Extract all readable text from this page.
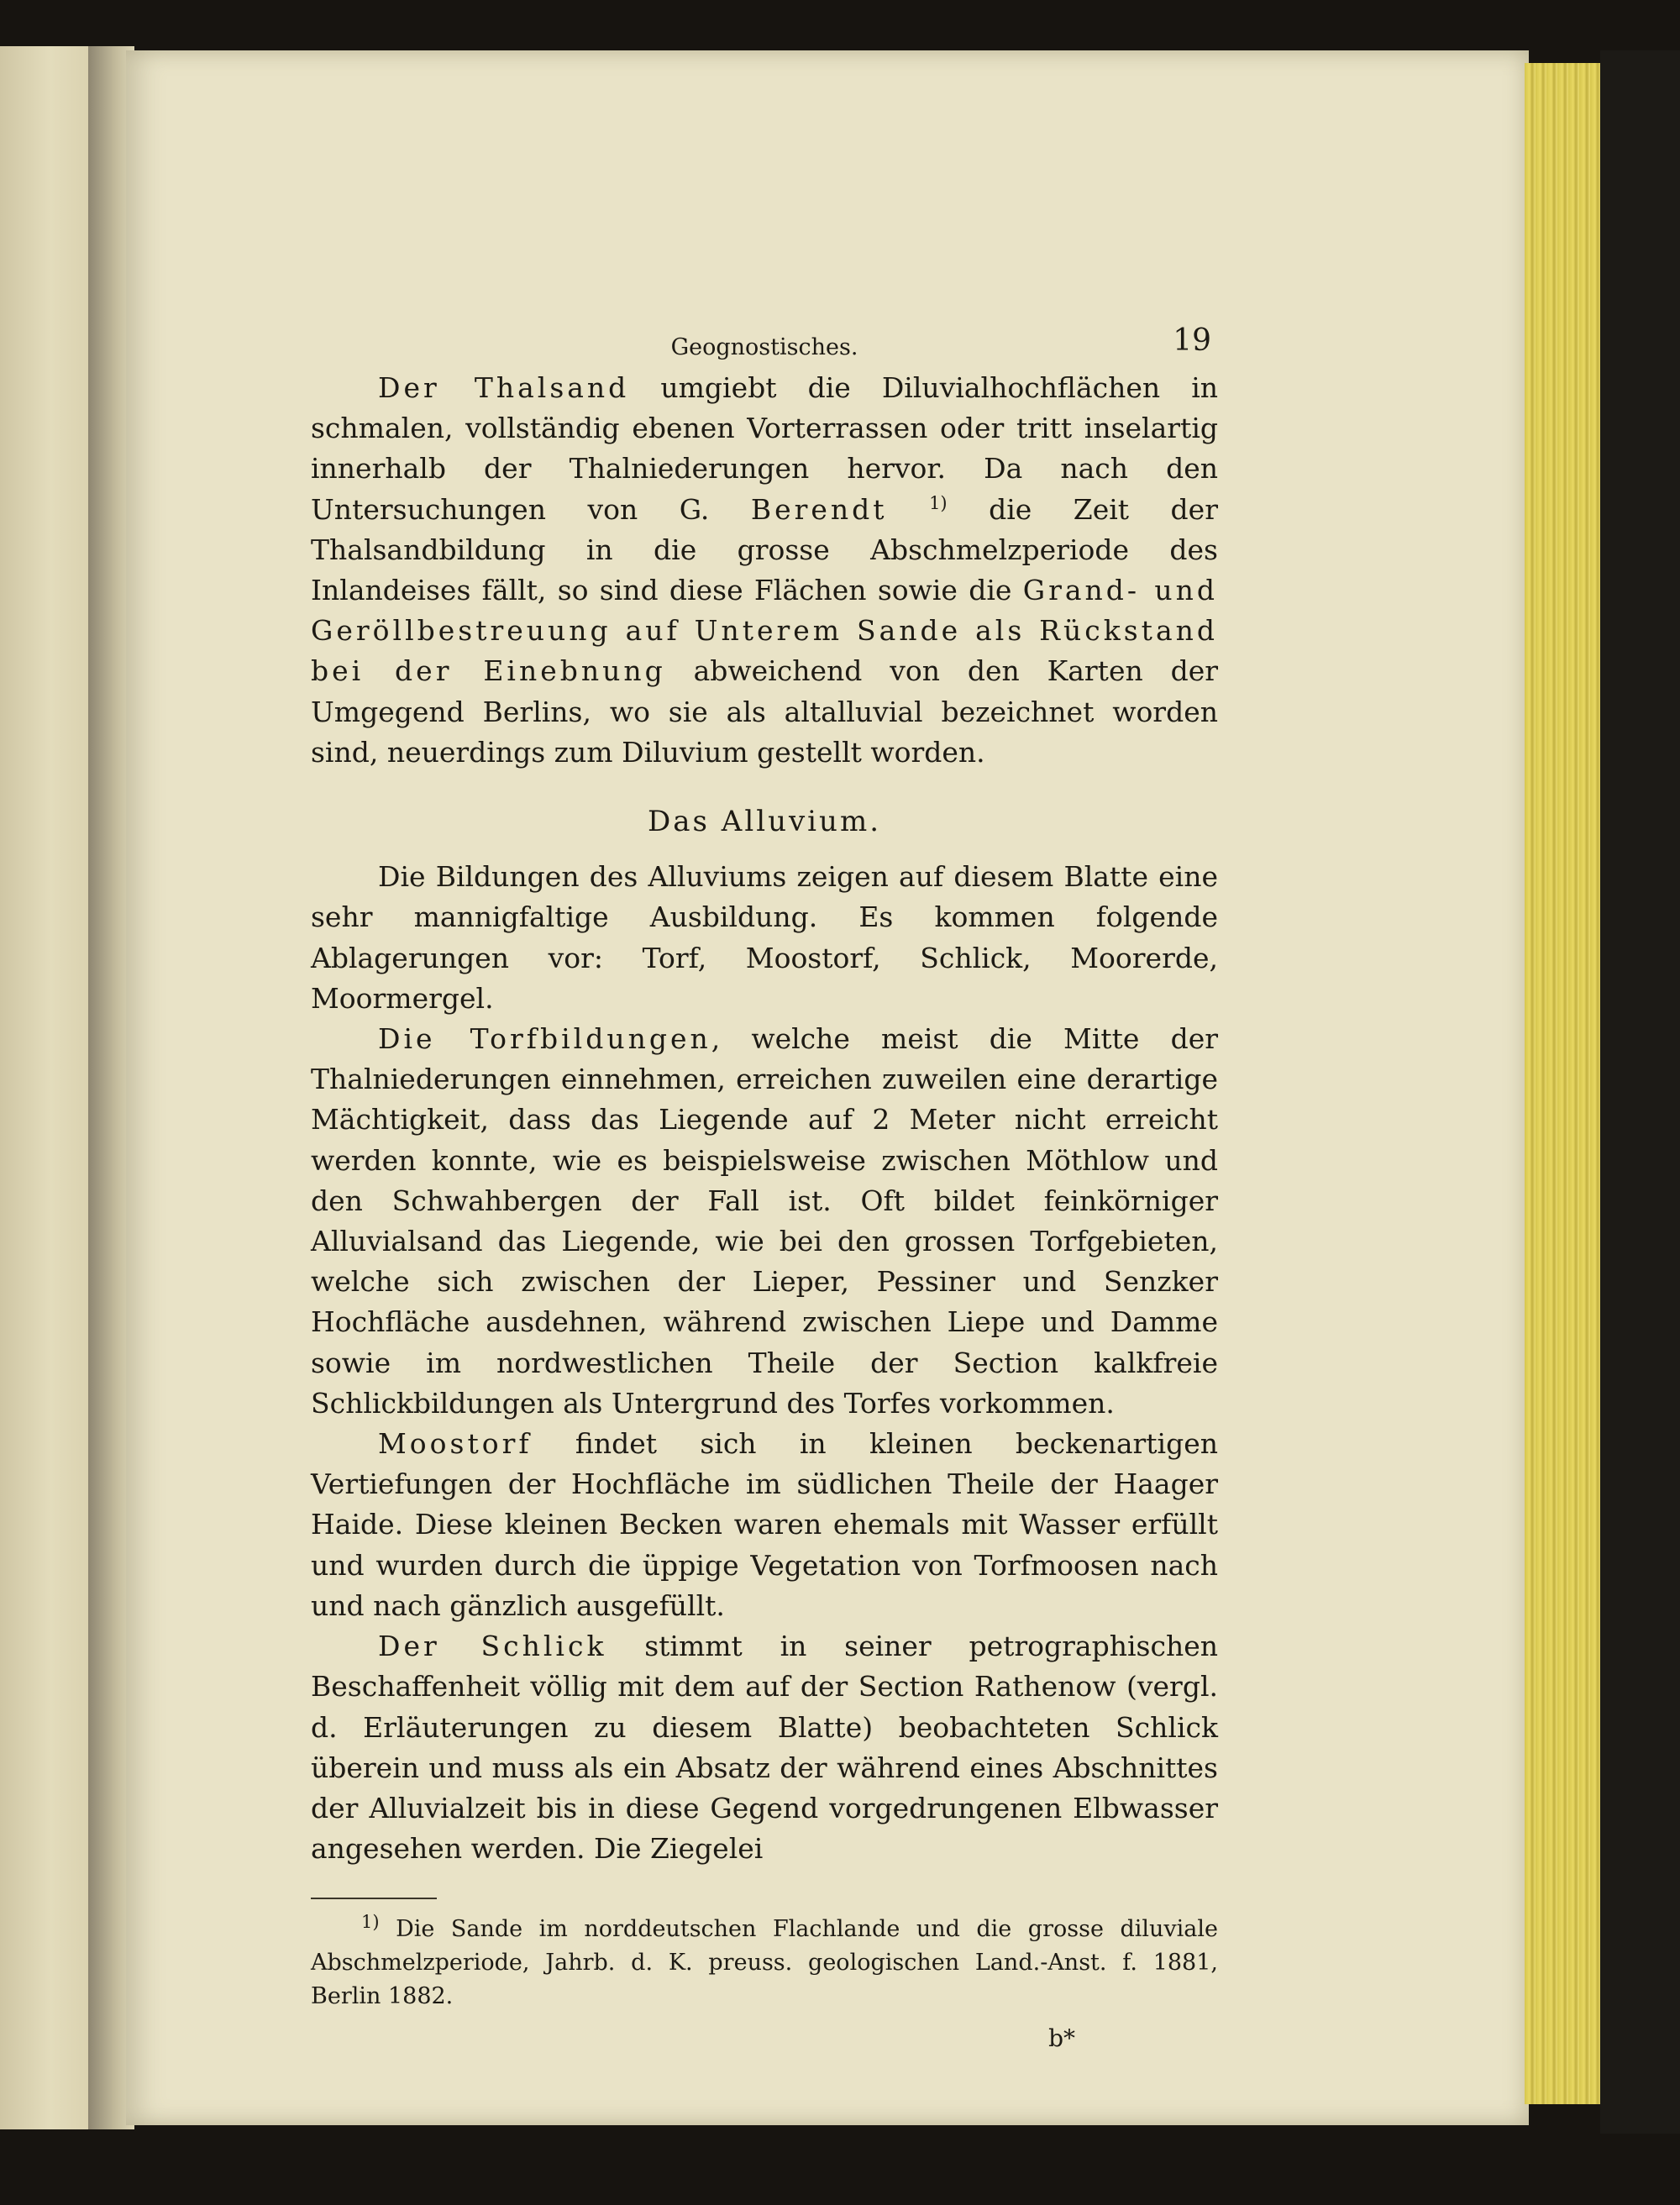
Geognostisches.	19

Der Thalsand umgiebt die Diluvialhochflächen in schmalen, vollständig ebenen Vorterrassen oder tritt inselartig innerhalb der Thalniederungen hervor. Da nach den Untersuchungen von G. Berendt $^{1)}$ die Zeit der Thalsandbildung in die grosse Abschmelzperiode des Inlandeises fällt, so sind diese Flächen sowie die Grand- und Geröllbestreuung auf Unterem Sande als Rückstand bei der Einebnung abweichend von den Karten der Umgegend Berlins, wo sie als altalluvial bezeichnet worden sind, neuerdings zum Diluvium gestellt worden.

Das Alluvium.

Die Bildungen des Alluviums zeigen auf diesem Blatte eine sehr mannigfaltige Ausbildung. Es kommen folgende Ablagerungen vor: Torf, Moostorf, Schlick, Moorerde, Moormergel.

Die Torfbildungen, welche meist die Mitte der Thalniederungen einnehmen, erreichen zuweilen eine derartige Mächtigkeit, dass das Liegende auf 2 Meter nicht erreicht werden konnte, wie es beispielsweise zwischen Möthlow und den Schwahbergen der Fall ist. Oft bildet feinkörniger Alluvialsand das Liegende, wie bei den grossen Torfgebieten, welche sich zwischen der Lieper, Pessiner und Senzker Hochfläche ausdehnen, während zwischen Liepe und Damme sowie im nordwestlichen Theile der Section kalkfreie Schlickbildungen als Untergrund des Torfes vorkommen.

Moostorf findet sich in kleinen beckenartigen Vertiefungen der Hochfläche im südlichen Theile der Haager Haide. Diese kleinen Becken waren ehemals mit Wasser erfüllt und wurden durch die üppige Vegetation von Torfmoosen nach und nach gänzlich ausgefüllt.

Der Schlick stimmt in seiner petrographischen Beschaffenheit völlig mit dem auf der Section Rathenow (vergl. d. Erläuterungen zu diesem Blatte) beobachteten Schlick überein und muss als ein Absatz der während eines Abschnittes der Alluvialzeit bis in diese Gegend vorgedrungenen Elbwasser angesehen werden. Die Ziegelei

$^{1)}$ Die Sande im norddeutschen Flachlande und die grosse diluviale Abschmelzperiode, Jahrb. d. K. preuss. geologischen Land.-Anst. f. 1881, Berlin 1882.

b*
